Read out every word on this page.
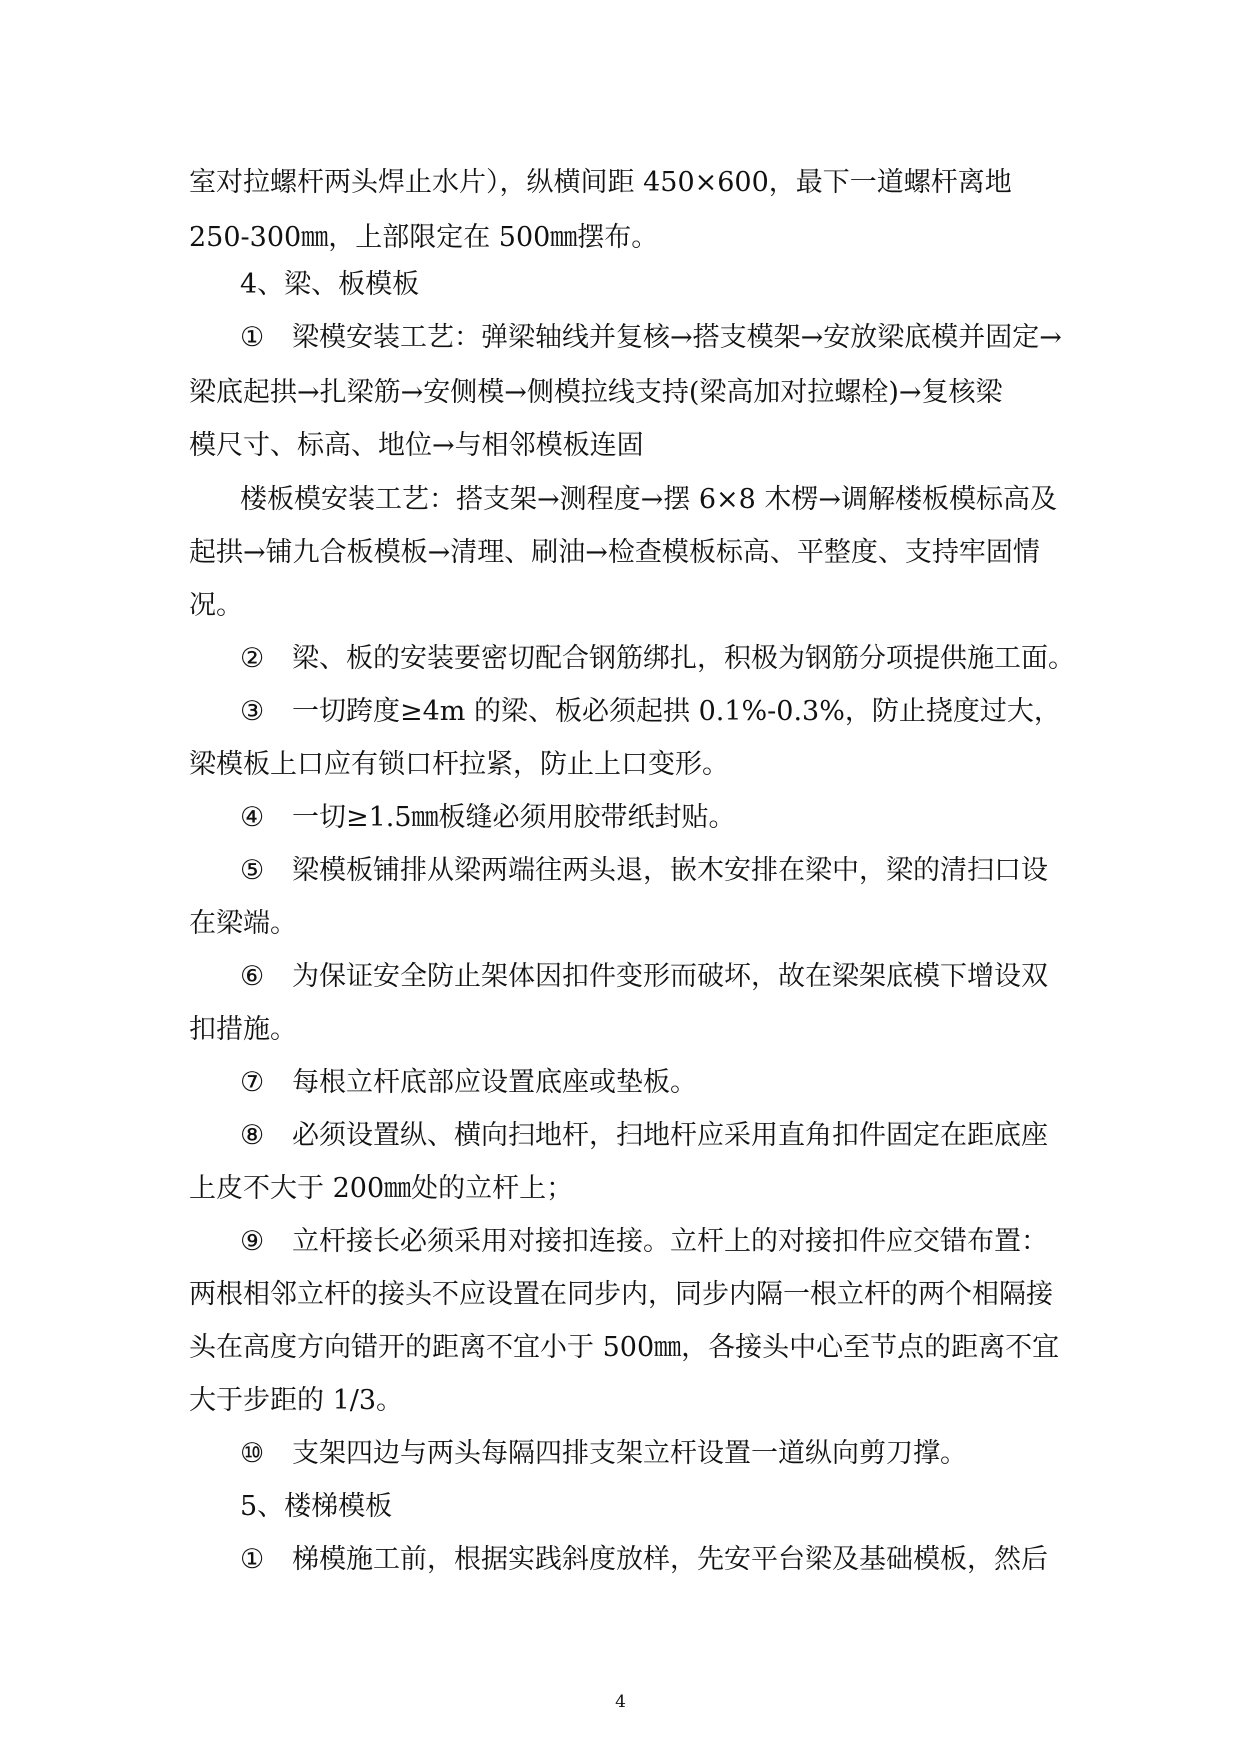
室对拉螺杆两头焊止水片），纵横间距 450×600，最下一道螺杆离地
250-300㎜，上部限定在 500㎜摆布。
4、梁、板模板
① 梁模安装工艺：弹梁轴线并复核→搭支模架→安放梁底模并固定→
梁底起拱→扎梁筋→安侧模→侧模拉线支持(梁高加对拉螺栓)→复核梁
模尺寸、标高、地位→与相邻模板连固
楼板模安装工艺：搭支架→测程度→摆 6×8 木楞→调解楼板模标高及
起拱→铺九合板模板→清理、刷油→检查模板标高、平整度、支持牢固情
况。
② 梁、板的安装要密切配合钢筋绑扎，积极为钢筋分项提供施工面。
③ 一切跨度≥4m 的梁、板必须起拱 0.1%-0.3%，防止挠度过大，
梁模板上口应有锁口杆拉紧，防止上口变形。
④ 一切≥1.5㎜板缝必须用胶带纸封贴。
⑤ 梁模板铺排从梁两端往两头退，嵌木安排在梁中，梁的清扫口设
在梁端。
⑥ 为保证安全防止架体因扣件变形而破坏，故在梁架底模下增设双
扣措施。
⑦ 每根立杆底部应设置底座或垫板。
⑧ 必须设置纵、横向扫地杆，扫地杆应采用直角扣件固定在距底座
上皮不大于 200㎜处的立杆上；
⑨ 立杆接长必须采用对接扣连接。立杆上的对接扣件应交错布置：
两根相邻立杆的接头不应设置在同步内，同步内隔一根立杆的两个相隔接
头在高度方向错开的距离不宜小于 500㎜，各接头中心至节点的距离不宜
大于步距的 1/3。
⑩ 支架四边与两头每隔四排支架立杆设置一道纵向剪刀撑。
5、楼梯模板
① 梯模施工前，根据实践斜度放样，先安平台梁及基础模板，然后
4
